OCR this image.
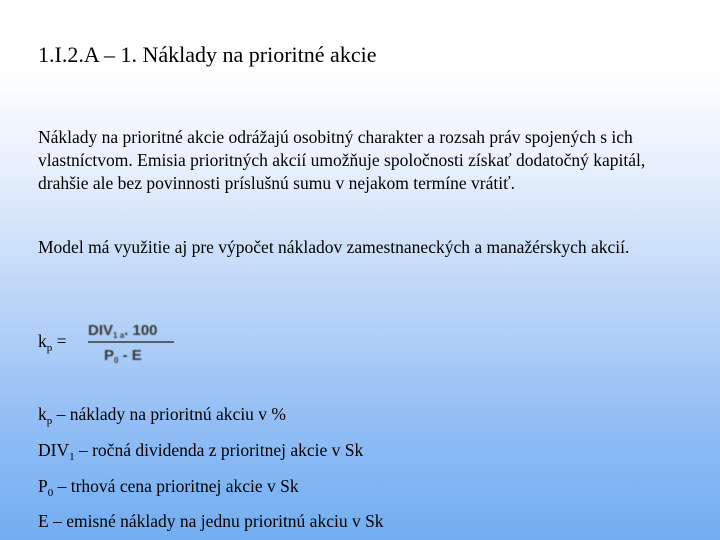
1.I.2.A – 1. Náklady na prioritné akcie
Náklady na prioritné akcie odrážajú osobitný charakter a rozsah práv spojených s ich vlastníctvom. Emisia prioritných akcií umožňuje spoločnosti získať dodatočný kapitál, drahšie ale bez povinnosti príslušnú sumu v nejakom termíne vrátiť.
Model má využitie aj pre výpočet nákladov zamestnaneckých a manažérskych akcií.
$k_p$ =
$DIV_{1 a}$. 100
$P_0$ - E
$k_p$ – náklady na prioritnú akciu v %
$DIV_1$ – ročná dividenda z prioritnej akcie v Sk
$P_0$ – trhová cena prioritnej akcie v Sk
E – emisné náklady na jednu prioritnú akciu v Sk
